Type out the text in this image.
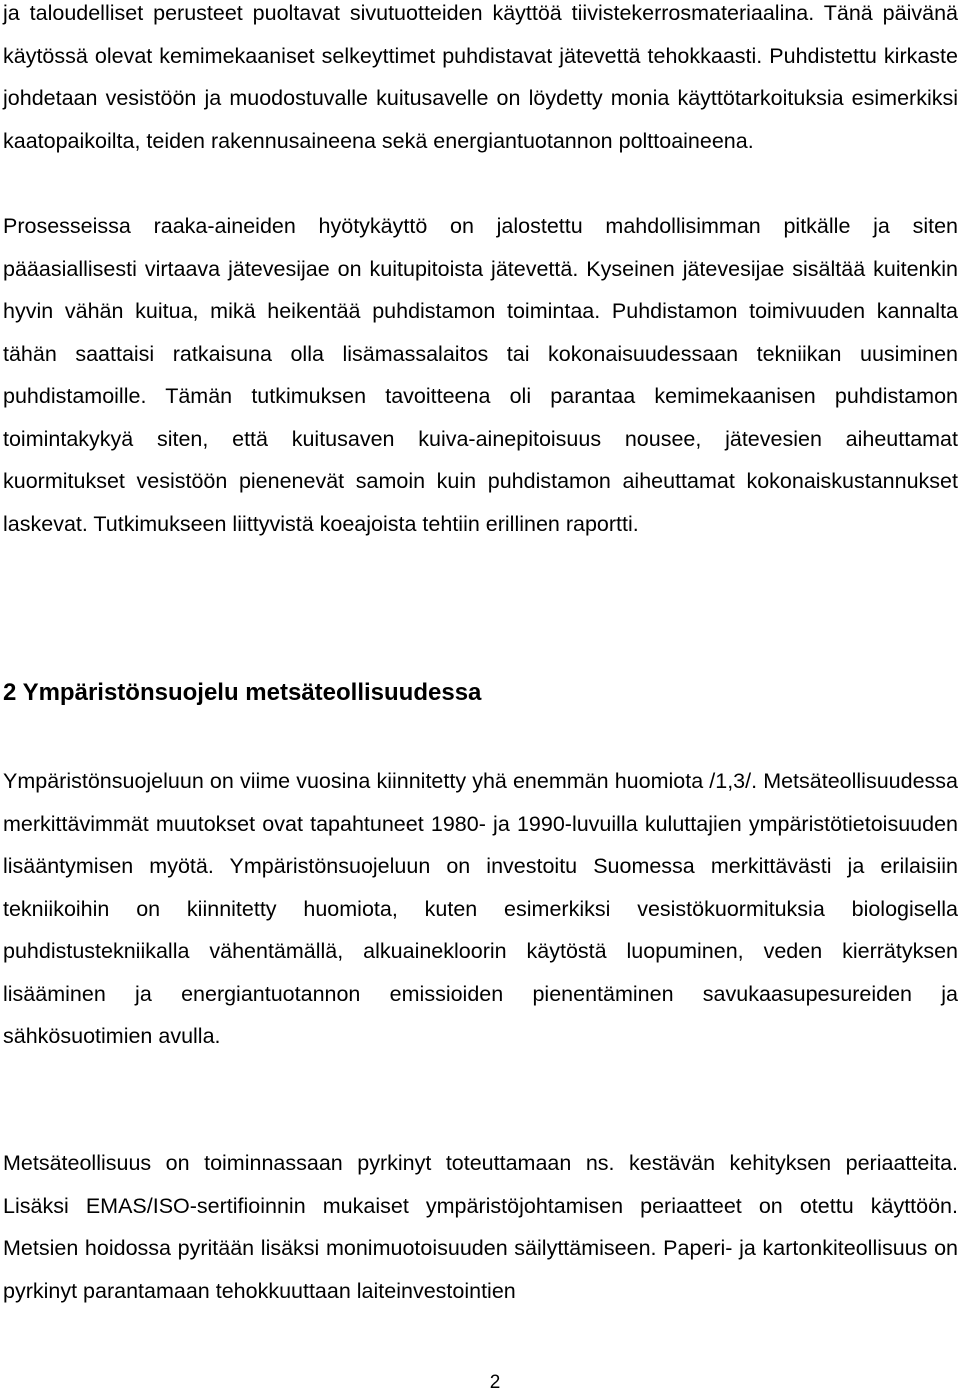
ja taloudelliset perusteet puoltavat sivutuotteiden käyttöä tiivistekerrosmateriaalina. Tänä päivänä käytössä olevat kemimekaaniset selkeyttimet puhdistavat jätevettä tehokkaasti. Puhdistettu kirkaste johdetaan vesistöön ja muodostuvalle kuitusavelle on löydetty monia käyttötarkoituksia esimerkiksi kaatopaikoilta, teiden rakennusaineena sekä energiantuotannon polttoaineena.

Prosesseissa raaka-aineiden hyötykäyttö on jalostettu mahdollisimman pitkälle ja siten pääasiallisesti virtaava jätevesijae on kuitupitoista jätevettä. Kyseinen jätevesijae sisältää kuitenkin hyvin vähän kuitua, mikä heikentää puhdistamon toimintaa. Puhdistamon toimivuuden kannalta tähän saattaisi ratkaisuna olla lisämassalaitos tai kokonaisuudessaan tekniikan uusiminen puhdistamoille. Tämän tutkimuksen tavoitteena oli parantaa kemimekaanisen puhdistamon toimintakykyä siten, että kuitusaven kuiva-ainepitoisuus nousee, jätevesien aiheuttamat kuormitukset vesistöön pienenevät samoin kuin puhdistamon aiheuttamat kokonaiskustannukset laskevat. Tutkimukseen liittyvistä koeajoista tehtiin erillinen raportti.

2 Ympäristönsuojelu metsäteollisuudessa

Ympäristönsuojeluun on viime vuosina kiinnitetty yhä enemmän huomiota /1,3/. Metsäteollisuudessa merkittävimmät muutokset ovat tapahtuneet 1980- ja 1990-luvuilla kuluttajien ympäristötietoisuuden lisääntymisen myötä. Ympäristönsuojeluun on investoitu Suomessa merkittävästi ja erilaisiin tekniikoihin on kiinnitetty huomiota, kuten esimerkiksi vesistökuormituksia biologisella puhdistustekniikalla vähentämällä, alkuainekloorin käytöstä luopuminen, veden kierrätyksen lisääminen ja energiantuotannon emissioiden pienentäminen savukaasupesureiden ja sähkösuotimien avulla.

Metsäteollisuus on toiminnassaan pyrkinyt toteuttamaan ns. kestävän kehityksen periaatteita. Lisäksi EMAS/ISO-sertifioinnin mukaiset ympäristöjohtamisen periaatteet on otettu käyttöön. Metsien hoidossa pyritään lisäksi monimuotoisuuden säilyttämiseen. Paperi- ja kartonkiteollisuus on pyrkinyt parantamaan tehokkuuttaan laiteinvestointien

2
